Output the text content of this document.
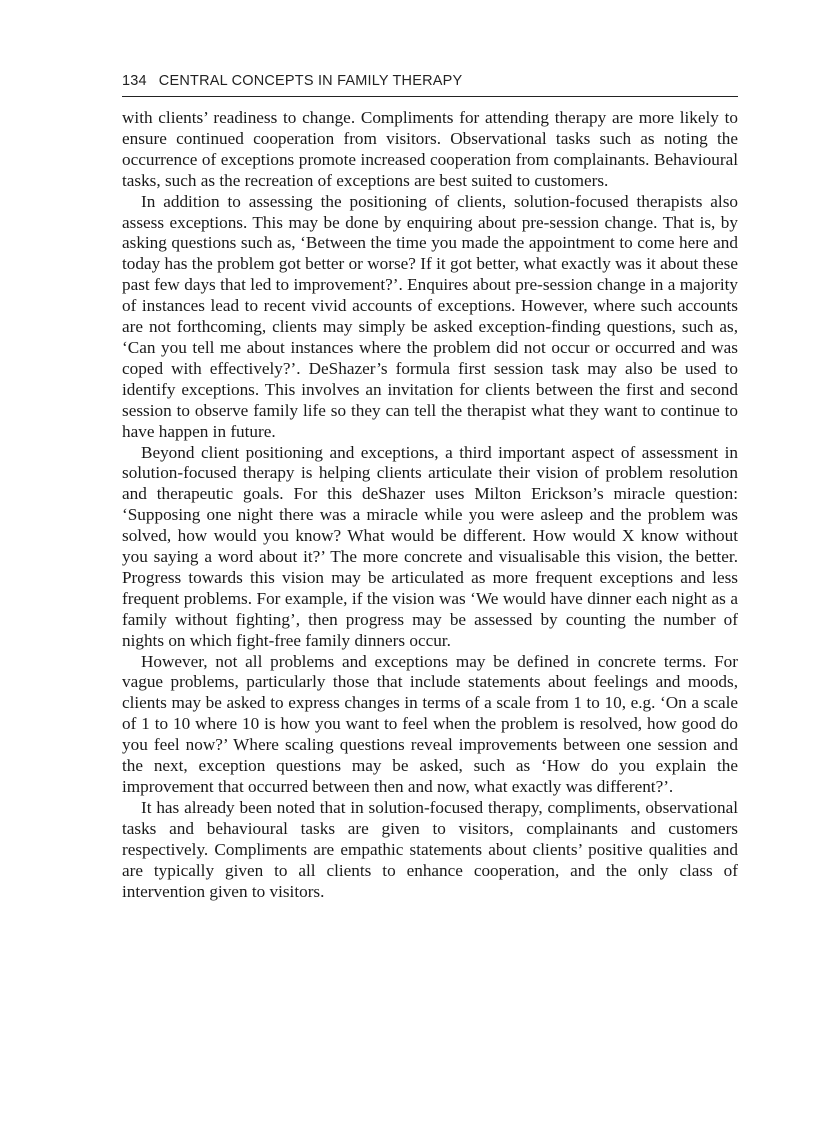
134 CENTRAL CONCEPTS IN FAMILY THERAPY

with clients’ readiness to change. Compliments for attending therapy are more likely to ensure continued cooperation from visitors. Observational tasks such as noting the occurrence of exceptions promote increased cooperation from complainants. Behavioural tasks, such as the recreation of exceptions are best suited to customers.

In addition to assessing the positioning of clients, solution-focused therapists also assess exceptions. This may be done by enquiring about pre-session change. That is, by asking questions such as, ‘Between the time you made the appointment to come here and today has the problem got better or worse? If it got better, what exactly was it about these past few days that led to improvement?’. Enquires about pre-session change in a majority of instances lead to recent vivid accounts of exceptions. However, where such accounts are not forthcoming, clients may simply be asked exception-finding questions, such as, ‘Can you tell me about instances where the problem did not occur or occurred and was coped with effectively?’. DeShazer’s formula first session task may also be used to identify exceptions. This involves an invitation for clients between the first and second session to observe family life so they can tell the therapist what they want to continue to have happen in future.

Beyond client positioning and exceptions, a third important aspect of assessment in solution-focused therapy is helping clients articulate their vision of problem resolution and therapeutic goals. For this deShazer uses Milton Erickson’s miracle question: ‘Supposing one night there was a miracle while you were asleep and the problem was solved, how would you know? What would be different. How would X know without you saying a word about it?’ The more concrete and visualisable this vision, the better. Progress towards this vision may be articulated as more frequent exceptions and less frequent problems. For example, if the vision was ‘We would have dinner each night as a family without fighting’, then progress may be assessed by counting the number of nights on which fight-free family dinners occur.

However, not all problems and exceptions may be defined in concrete terms. For vague problems, particularly those that include statements about feelings and moods, clients may be asked to express changes in terms of a scale from 1 to 10, e.g. ‘On a scale of 1 to 10 where 10 is how you want to feel when the problem is resolved, how good do you feel now?’ Where scaling questions reveal improvements between one session and the next, exception questions may be asked, such as ‘How do you explain the improvement that occurred between then and now, what exactly was different?’.

It has already been noted that in solution-focused therapy, compliments, observational tasks and behavioural tasks are given to visitors, complainants and customers respectively. Compliments are empathic statements about clients’ positive qualities and are typically given to all clients to enhance cooperation, and the only class of intervention given to visitors.
